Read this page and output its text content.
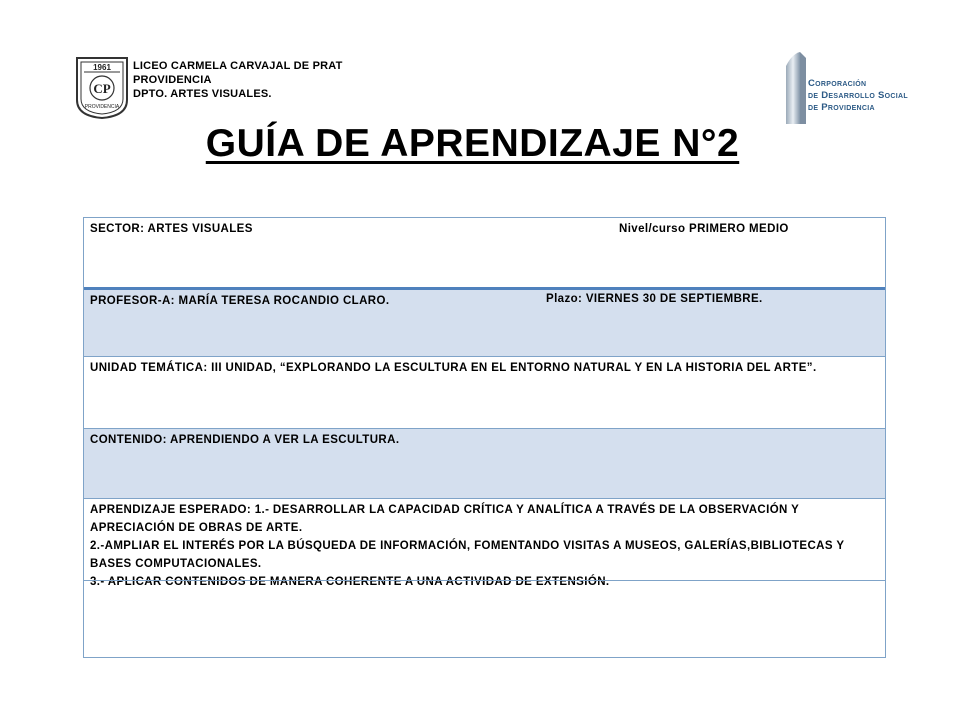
1961
CP
PROVIDENCIA
LICEO CARMELA CARVAJAL DE PRAT
PROVIDENCIA
DPTO. ARTES VISUALES.
Corporación
de Desarrollo Social
de Providencia
GUÍA DE APRENDIZAJE N°2
SECTOR: ARTES VISUALES	Nivel/curso PRIMERO MEDIO
PROFESOR-A: MARÍA TERESA ROCANDIO CLARO.	Plazo: VIERNES 30 DE SEPTIEMBRE.
UNIDAD TEMÁTICA: III UNIDAD, “EXPLORANDO LA ESCULTURA EN EL ENTORNO NATURAL Y EN LA HISTORIA DEL ARTE”.
CONTENIDO: APRENDIENDO A VER LA ESCULTURA.
APRENDIZAJE ESPERADO: 1.- DESARROLLAR LA CAPACIDAD CRÍTICA Y ANALÍTICA A TRAVÉS DE LA OBSERVACIÓN Y APRECIACIÓN DE OBRAS DE ARTE.
2.-AMPLIAR EL INTERÉS POR LA BÚSQUEDA DE INFORMACIÓN, FOMENTANDO VISITAS A MUSEOS, GALERÍAS,BIBLIOTECAS Y BASES COMPUTACIONALES.
3.- APLICAR CONTENIDOS DE MANERA COHERENTE A UNA ACTIVIDAD DE EXTENSIÓN.
